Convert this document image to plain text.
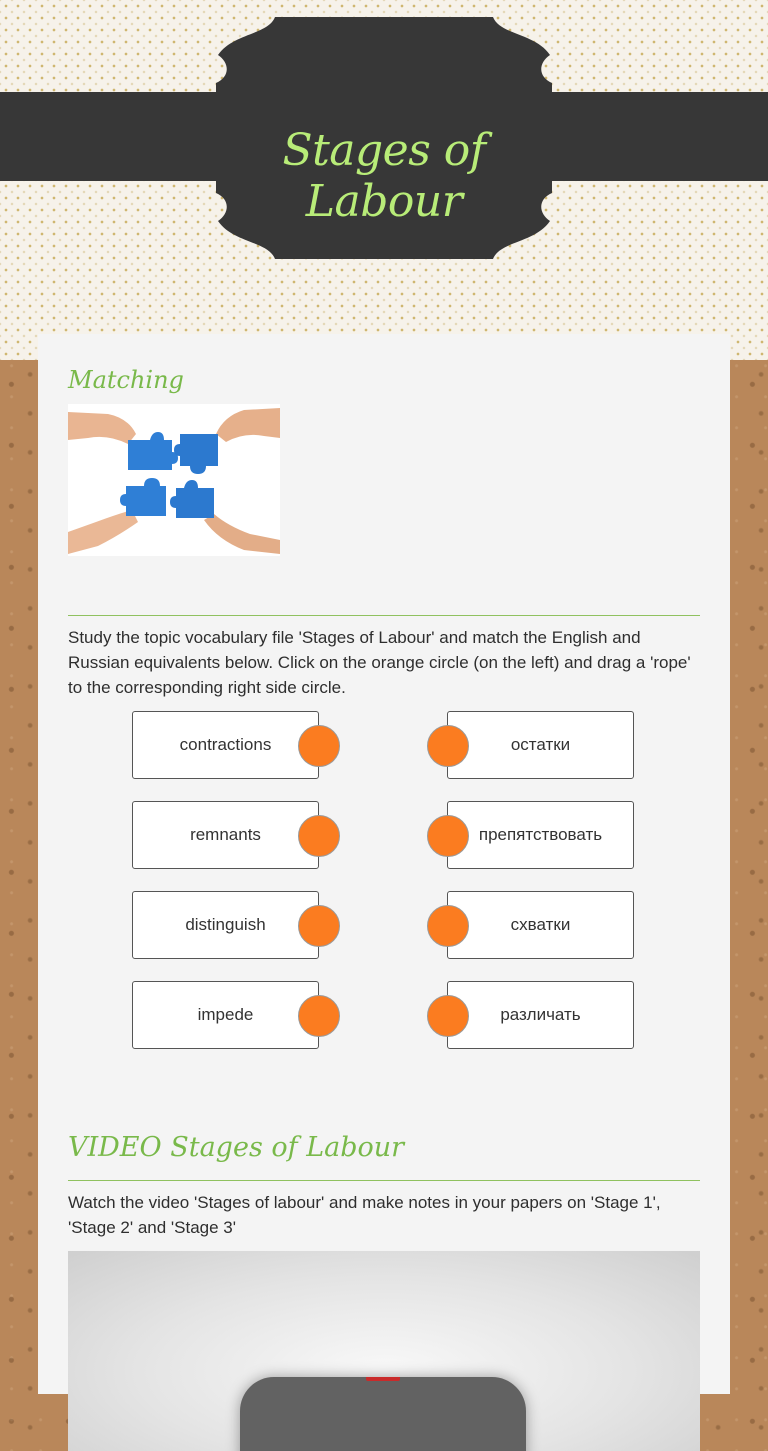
Stages of Labour
Matching

Study the topic vocabulary file 'Stages of Labour' and match the English and Russian equivalents below. Click on the orange circle (on the left) and drag a 'rope' to the corresponding right side circle.

contractions
remnants
distinguish
impede
остатки
препятствовать
схватки
различать
VIDEO Stages of Labour

Watch the video 'Stages of labour' and make notes in your papers on 'Stage 1', 'Stage 2' and 'Stage 3'
